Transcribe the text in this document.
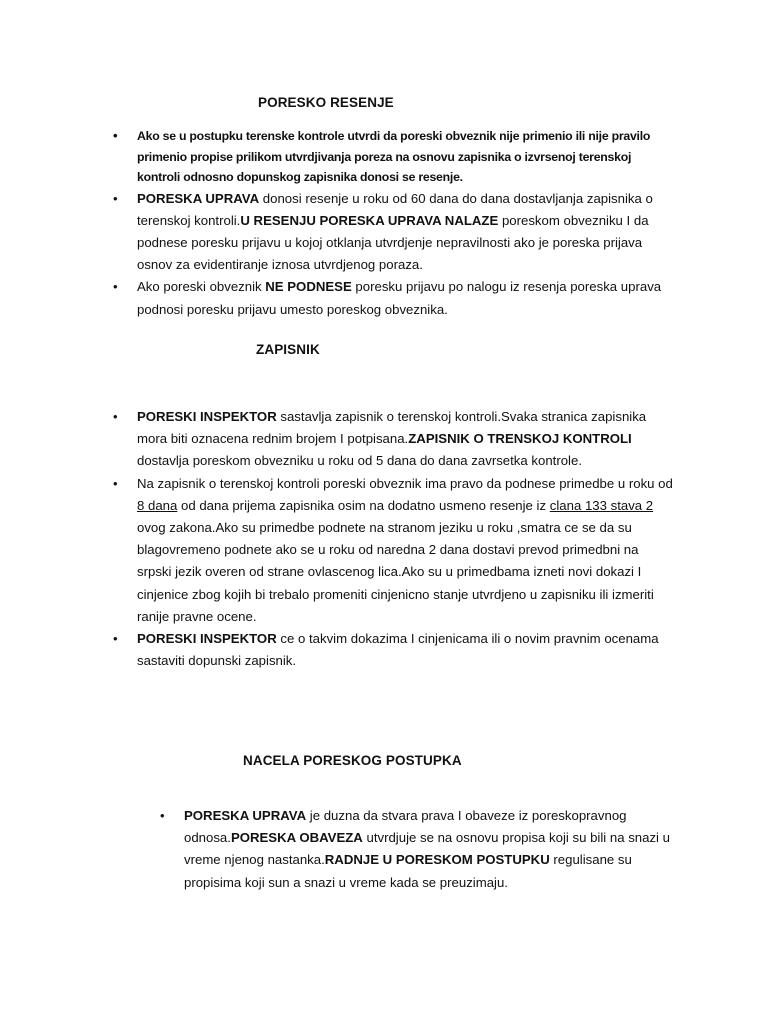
PORESKO RESENJE
• Ako se u postupku terenske kontrole utvrdi da poreski obveznik nije primenio ili nije pravilo primenio propise prilikom utvrdjivanja poreza na osnovu zapisnika o izvrsenoj terenskoj kontroli odnosno dopunskog zapisnika donosi se resenje.
• PORESKA UPRAVA donosi resenje u roku od 60 dana do dana dostavljanja zapisnika o terenskoj kontroli.U RESENJU PORESKA UPRAVA NALAZE poreskom obvezniku I da podnese poresku prijavu u kojoj otklanja utvrdjenje nepravilnosti ako je poreska prijava osnov za evidentiranje iznosa utvrdjenog poraza.
• Ako poreski obveznik NE PODNESE poresku prijavu po nalogu iz resenja poreska uprava podnosi poresku prijavu umesto poreskog obveznika.
ZAPISNIK
• PORESKI INSPEKTOR sastavlja zapisnik o terenskoj kontroli.Svaka stranica zapisnika mora biti oznacena rednim brojem I potpisana.ZAPISNIK O TRENSKOJ KONTROLI dostavlja poreskom obvezniku u roku od 5 dana do dana zavrsetka kontrole.
• Na zapisnik o terenskoj kontroli poreski obveznik ima pravo da podnese primedbe u roku od 8 dana od dana prijema zapisnika osim na dodatno usmeno resenje iz clana 133 stava 2 ovog zakona.Ako su primedbe podnete na stranom jeziku u roku ,smatra ce se da su blagovremeno podnete ako se u roku od naredna 2 dana dostavi prevod primedbni na srpski jezik overen od strane ovlascenog lica.Ako su u primedbama izneti novi dokazi I cinjenice zbog kojih bi trebalo promeniti cinjenicno stanje utvrdjeno u zapisniku ili izmeriti ranije pravne ocene.
• PORESKI INSPEKTOR ce o takvim dokazima I cinjenicama ili o novim pravnim ocenama sastaviti dopunski zapisnik.
NACELA PORESKOG POSTUPKA
• PORESKA UPRAVA je duzna da stvara prava I obaveze iz poreskopravnog odnosa.PORESKA OBAVEZA utvrdjuje se na osnovu propisa koji su bili na snazi u vreme njenog nastanka.RADNJE U PORESKOM POSTUPKU regulisane su propisima koji sun a snazi u vreme kada se preuzimaju.
